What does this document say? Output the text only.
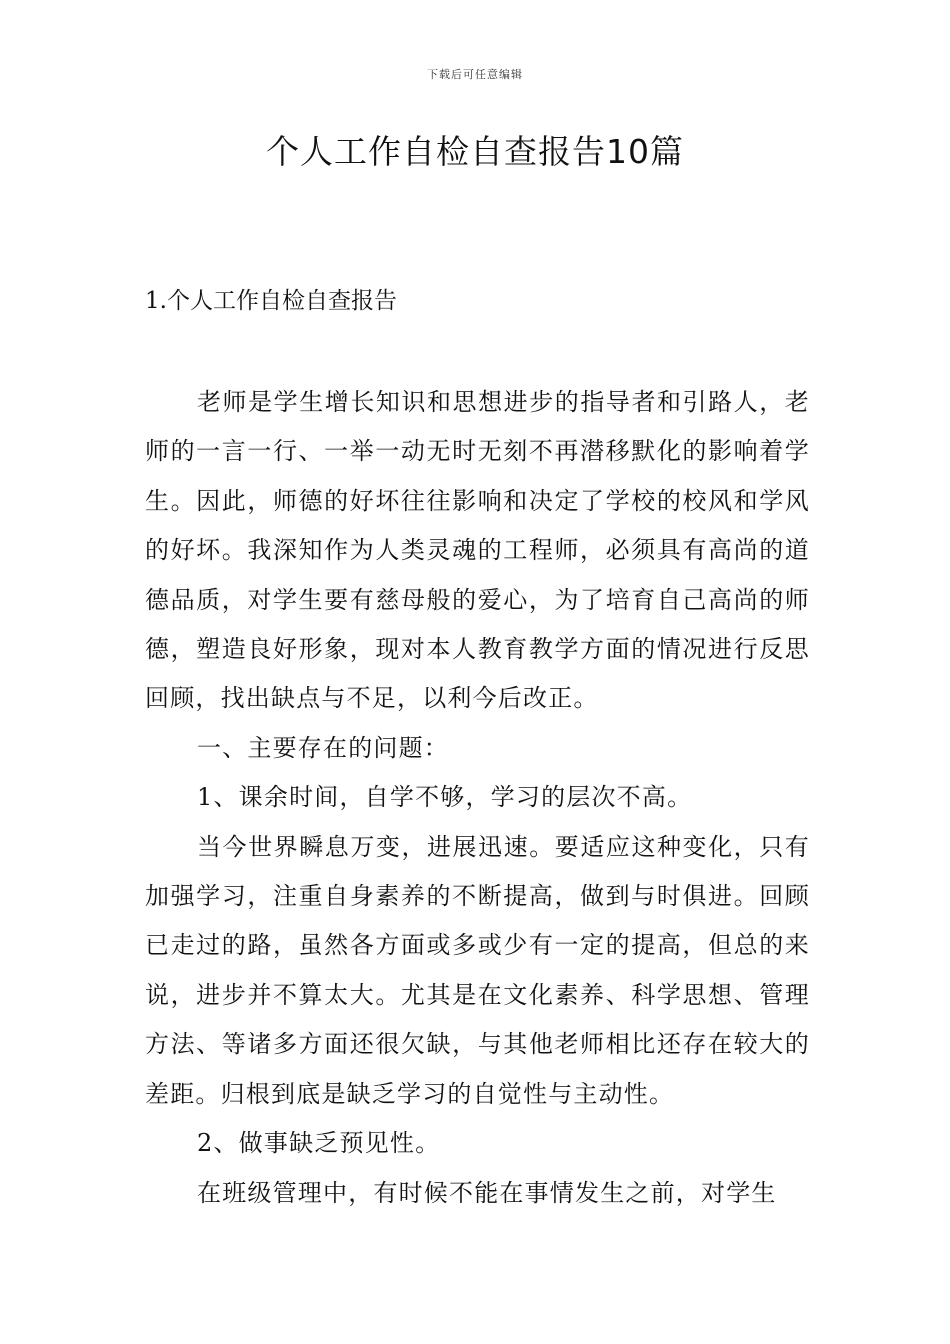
下载后可任意编辑
个人工作自检自查报告10篇
1.个人工作自检自查报告

老师是学生增长知识和思想进步的指导者和引路人，老师的一言一行、一举一动无时无刻不再潜移默化的影响着学生。因此，师德的好坏往往影响和决定了学校的校风和学风的好坏。我深知作为人类灵魂的工程师，必须具有高尚的道德品质，对学生要有慈母般的爱心，为了培育自己高尚的师德，塑造良好形象，现对本人教育教学方面的情况进行反思回顾，找出缺点与不足，以利今后改正。

一、主要存在的问题：

1、课余时间，自学不够，学习的层次不高。

当今世界瞬息万变，进展迅速。要适应这种变化，只有加强学习，注重自身素养的不断提高，做到与时俱进。回顾已走过的路，虽然各方面或多或少有一定的提高，但总的来说，进步并不算太大。尤其是在文化素养、科学思想、管理方法、等诸多方面还很欠缺，与其他老师相比还存在较大的差距。归根到底是缺乏学习的自觉性与主动性。

2、做事缺乏预见性。

在班级管理中，有时候不能在事情发生之前，对学生
